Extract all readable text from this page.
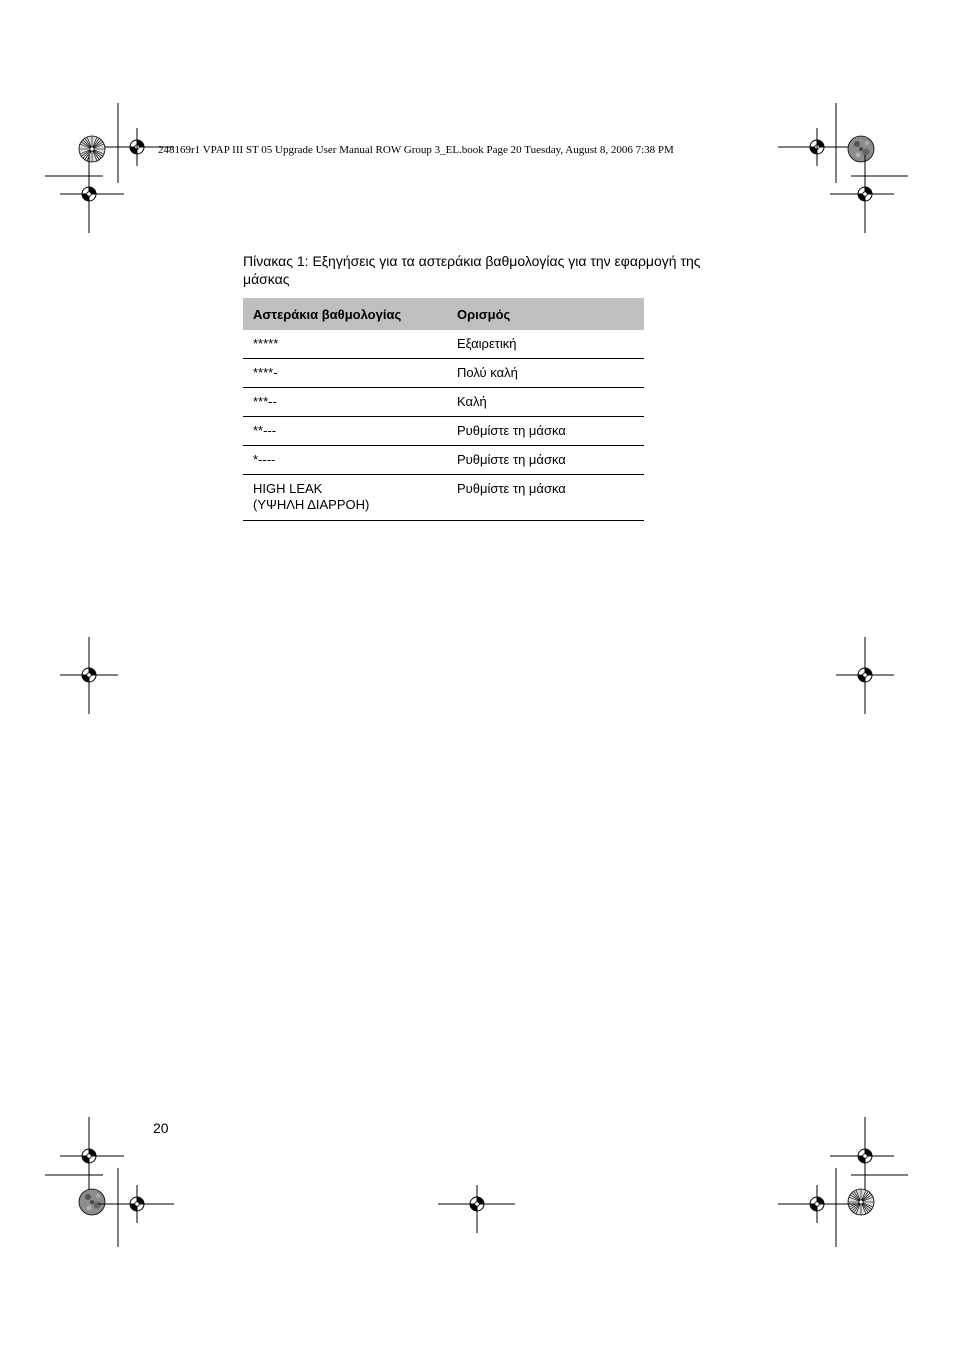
248169r1 VPAP III ST 05 Upgrade User Manual ROW Group 3_EL.book Page 20 Tuesday, August 8, 2006 7:38 PM
Πίνακας 1: Εξηγήσεις για τα αστεράκια βαθμολογίας για την εφαρμογή της μάσκας
Αστεράκια βαθμολογίας	Ορισμός
*****	Εξαιρετική
****-	Πολύ καλή
***--	Καλή
**---	Ρυθμίστε τη μάσκα
*----	Ρυθμίστε τη μάσκα

HIGH LEAK
(ΥΨΗΛΗ ΔΙΑΡΡΟΗ)	Ρυθμίστε τη μάσκα
20
